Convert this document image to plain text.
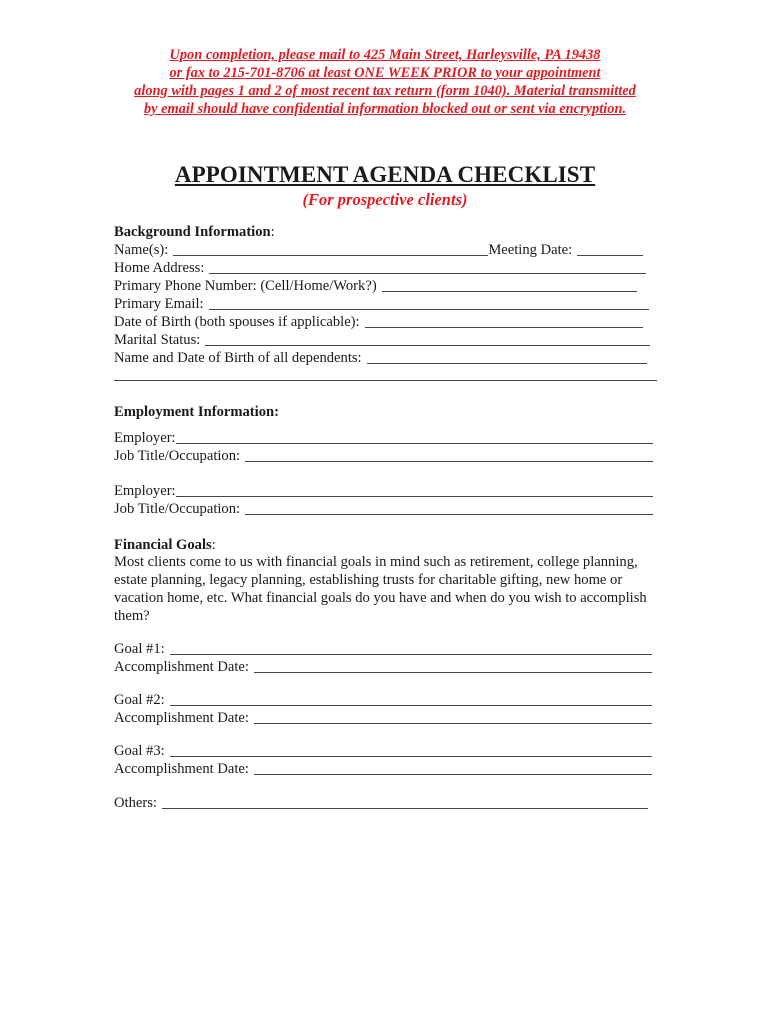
Upon completion, please mail to 425 Main Street, Harleysville, PA 19438
or fax to 215-701-8706 at least ONE WEEK PRIOR to your appointment
along with pages 1 and 2 of most recent tax return (form 1040). Material transmitted
by email should have confidential information blocked out or sent via encryption.
APPOINTMENT AGENDA CHECKLIST
(For prospective clients)
Background Information :
Name(s):	Meeting Date:
Home Address:
Primary Phone Number: (Cell/Home/Work?)
Primary Email:
Date of Birth (both spouses if applicable):
Marital Status:
Name and Date of Birth of all dependents:
Employment Information:
Employer:
Job Title/Occupation:
Employer:
Job Title/Occupation:
Financial Goals :
Most clients come to us with financial goals in mind such as retirement, college planning, estate planning, legacy planning, establishing trusts for charitable gifting, new home or vacation home, etc. What financial goals do you have and when do you wish to accomplish them?
Goal #1:
Accomplishment Date:
Goal #2:
Accomplishment Date:
Goal #3:
Accomplishment Date:
Others:
